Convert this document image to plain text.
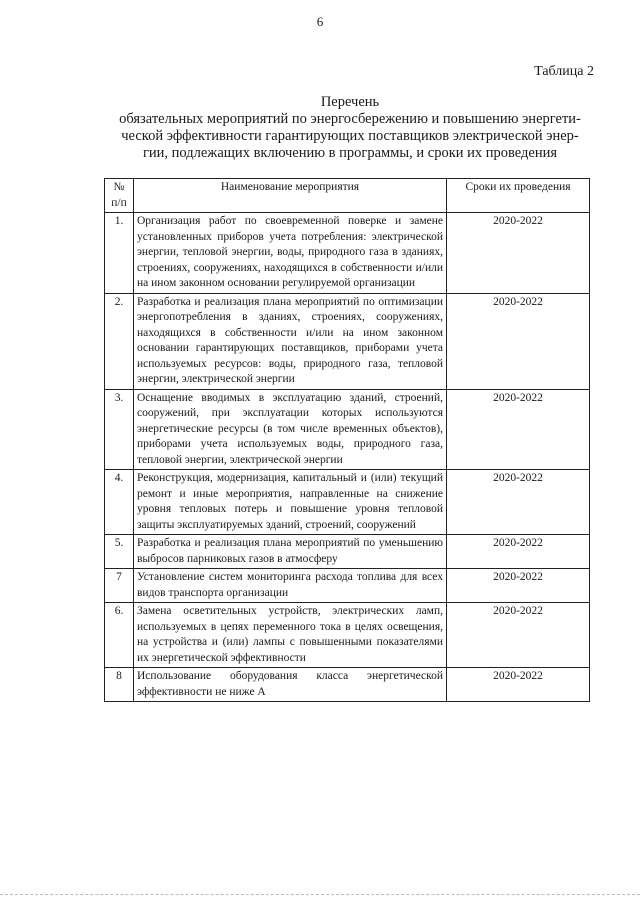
6
Таблица 2
Перечень
обязательных мероприятий по энергосбережению и повышению энергети-
ческой эффективности гарантирующих поставщиков электрической энер-
гии, подлежащих включению в программы, и сроки их проведения
№
п/п	Наименование мероприятия	Сроки их проведения
1.	Организация работ по своевременной поверке и замене установленных приборов учета потребления: электрической энергии, тепловой энергии, воды, природного газа в зданиях, строениях, сооружениях, находящихся в собственности и/или на ином законном основании регулируемой организации	2020-2022
2.	Разработка и реализация плана мероприятий по оптимизации энергопотребления в зданиях, строениях, сооружениях, находящихся в собственности и/или на ином законном основании гарантирующих поставщиков, приборами учета используемых ресурсов: воды, природного газа, тепловой энергии, электрической энергии	2020-2022
3.	Оснащение вводимых в эксплуатацию зданий, строений, сооружений, при эксплуатации которых используются энергетические ресурсы (в том числе временных объектов), приборами учета используемых воды, природного газа, тепловой энергии, электрической энергии	2020-2022
4.	Реконструкция, модернизация, капитальный и (или) текущий ремонт и иные мероприятия, направленные на снижение уровня тепловых потерь и повышение уровня тепловой защиты эксплуатируемых зданий, строений, сооружений	2020-2022
5.	Разработка и реализация плана мероприятий по уменьшению выбросов парниковых газов в атмосферу	2020-2022
7	Установление систем мониторинга расхода топлива для всех видов транспорта организации	2020-2022
6.	Замена осветительных устройств, электрических ламп, используемых в цепях переменного тока в целях освещения, на устройства и (или) лампы с повышенными показателями их энергетической эффективности	2020-2022
8	Использование оборудования класса энергетической эффективности не ниже А	2020-2022
